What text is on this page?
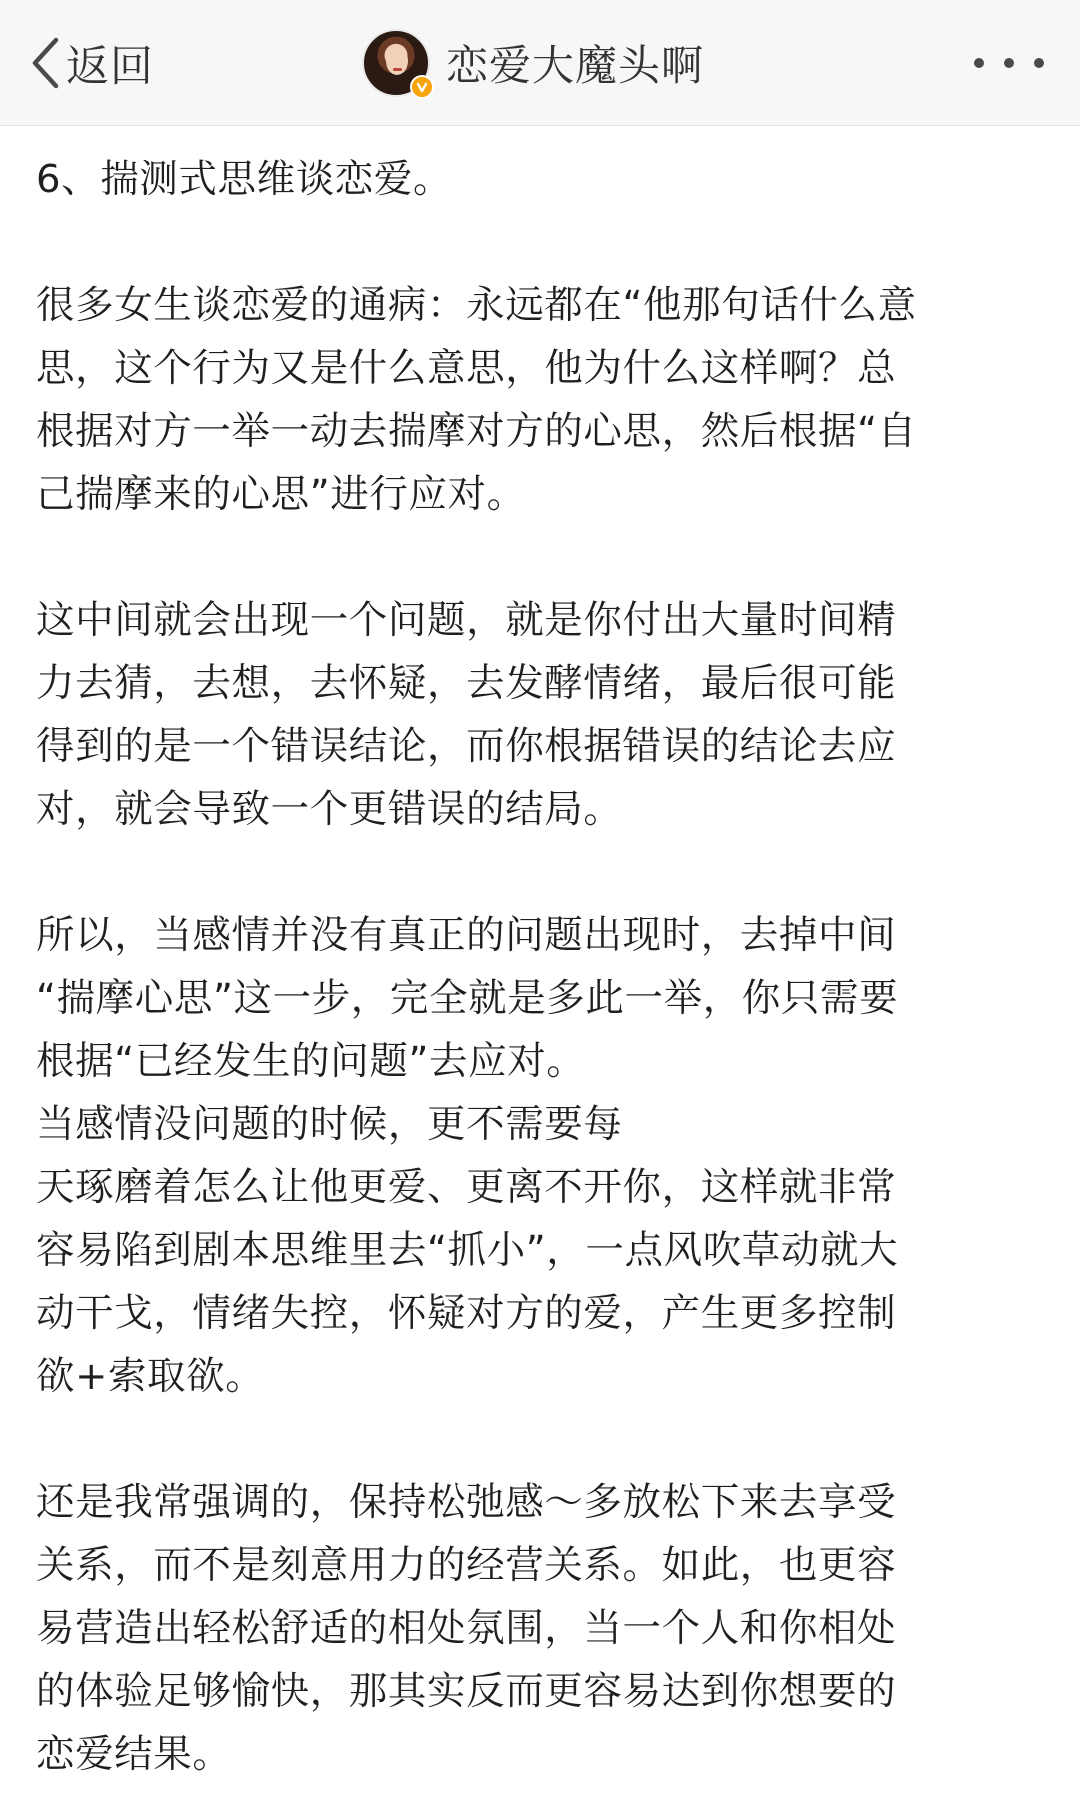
返回	恋爱大魔头啊
6、揣测式思维谈恋爱。
很多女生谈恋爱的通病：永远都在“他那句话什么意
思，这个行为又是什么意思，他为什么这样啊？总
根据对方一举一动去揣摩对方的心思，然后根据“自
己揣摩来的心思”进行应对。
这中间就会出现一个问题，就是你付出大量时间精
力去猜，去想，去怀疑，去发酵情绪，最后很可能
得到的是一个错误结论，而你根据错误的结论去应
对，就会导致一个更错误的结局。
所以，当感情并没有真正的问题出现时，去掉中间
“揣摩心思”这一步，完全就是多此一举，你只需要
根据“已经发生的问题”去应对。
当感情没问题的时候，更不需要每
天琢磨着怎么让他更爱、更离不开你，这样就非常
容易陷到剧本思维里去“抓小”，一点风吹草动就大
动干戈，情绪失控，怀疑对方的爱，产生更多控制
欲+索取欲。
还是我常强调的，保持松弛感～多放松下来去享受
关系，而不是刻意用力的经营关系。如此，也更容
易营造出轻松舒适的相处氛围，当一个人和你相处
的体验足够愉快，那其实反而更容易达到你想要的
恋爱结果。
